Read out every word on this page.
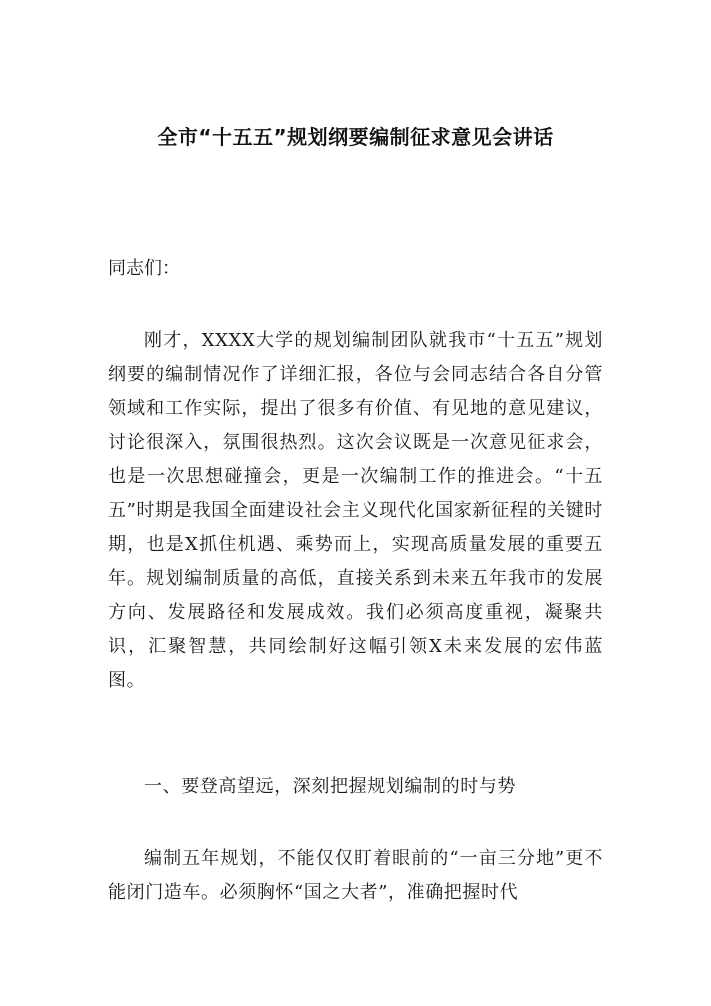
全市“十五五”规划纲要编制征求意见会讲话
同志们：

刚才，XXXX大学的规划编制团队就我市“十五五”规划纲要的编制情况作了详细汇报，各位与会同志结合各自分管领域和工作实际，提出了很多有价值、有见地的意见建议，讨论很深入，氛围很热烈。这次会议既是一次意见征求会，也是一次思想碰撞会，更是一次编制工作的推进会。“十五五”时期是我国全面建设社会主义现代化国家新征程的关键时期，也是X抓住机遇、乘势而上，实现高质量发展的重要五年。规划编制质量的高低，直接关系到未来五年我市的发展方向、发展路径和发展成效。我们必须高度重视，凝聚共识，汇聚智慧，共同绘制好这幅引领X未来发展的宏伟蓝图。

一、要登高望远，深刻把握规划编制的时与势

编制五年规划，不能仅仅盯着眼前的“一亩三分地”更不能闭门造车。必须胸怀“国之大者”，准确把握时代
